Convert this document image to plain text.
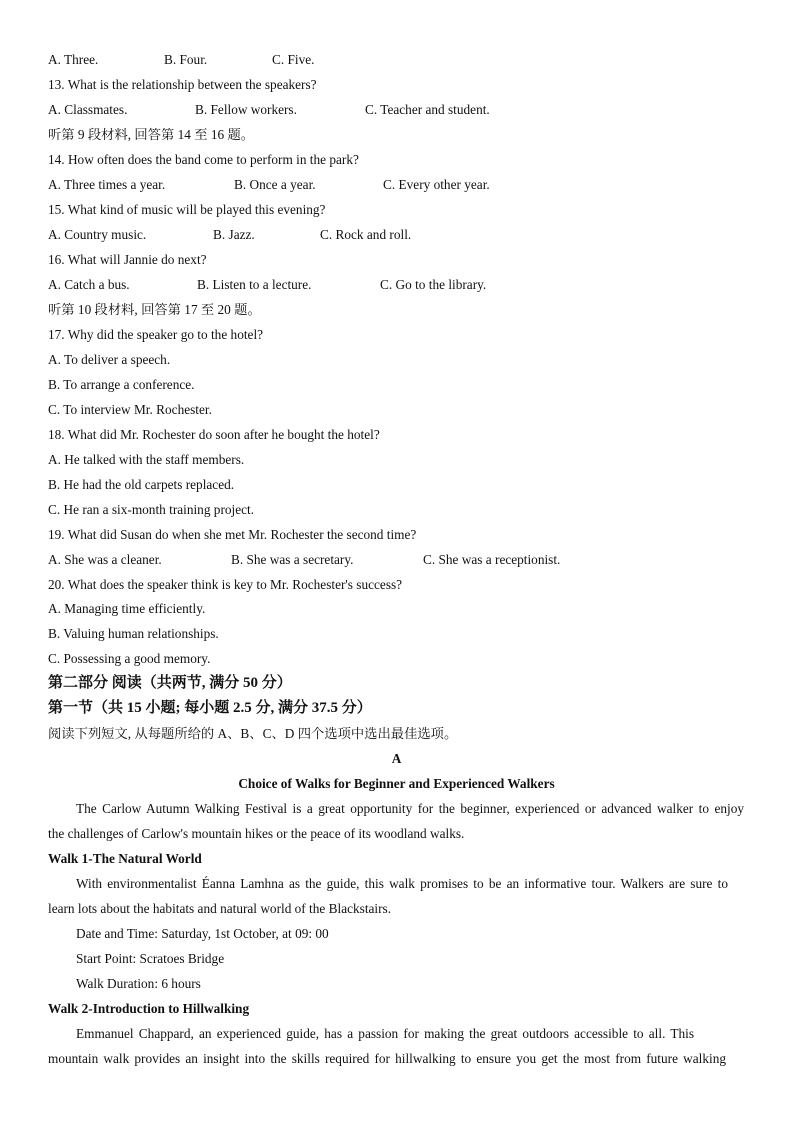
A. Three.	B. Four.	C. Five.
13. What is the relationship between the speakers?
A. Classmates.	B. Fellow workers.	C. Teacher and student.
听第 9 段材料, 回答第 14 至 16 题。
14. How often does the band come to perform in the park?
A. Three times a year.	B. Once a year.	C. Every other year.
15. What kind of music will be played this evening?
A. Country music.	B. Jazz.	C. Rock and roll.
16. What will Jannie do next?
A. Catch a bus.	B. Listen to a lecture.	C. Go to the library.
听第 10 段材料, 回答第 17 至 20 题。
17. Why did the speaker go to the hotel?
A. To deliver a speech.
B. To arrange a conference.
C. To interview Mr. Rochester.
18. What did Mr. Rochester do soon after he bought the hotel?
A. He talked with the staff members.
B. He had the old carpets replaced.
C. He ran a six-month training project.
19. What did Susan do when she met Mr. Rochester the second time?
A. She was a cleaner.	B. She was a secretary.	C. She was a receptionist.
20. What does the speaker think is key to Mr. Rochester's success?
A. Managing time efficiently.
B. Valuing human relationships.
C. Possessing a good memory.
第二部分 阅读（共两节, 满分 50 分）
第一节（共 15 小题; 每小题 2.5 分, 满分 37.5 分）
阅读下列短文, 从每题所给的 A、B、C、D 四个选项中选出最佳选项。
A
Choice of Walks for Beginner and Experienced Walkers
The Carlow Autumn Walking Festival is a great opportunity for the beginner, experienced or advanced walker to enjoy
the challenges of Carlow's mountain hikes or the peace of its woodland walks.
Walk 1-The Natural World
With environmentalist Éanna Lamhna as the guide, this walk promises to be an informative tour. Walkers are sure to
learn lots about the habitats and natural world of the Blackstairs.
Date and Time: Saturday, 1st October, at 09: 00
Start Point: Scratoes Bridge
Walk Duration: 6 hours
Walk 2-Introduction to Hillwalking
Emmanuel Chappard, an experienced guide, has a passion for making the great outdoors accessible to all. This
mountain walk provides an insight into the skills required for hillwalking to ensure you get the most from future walking
